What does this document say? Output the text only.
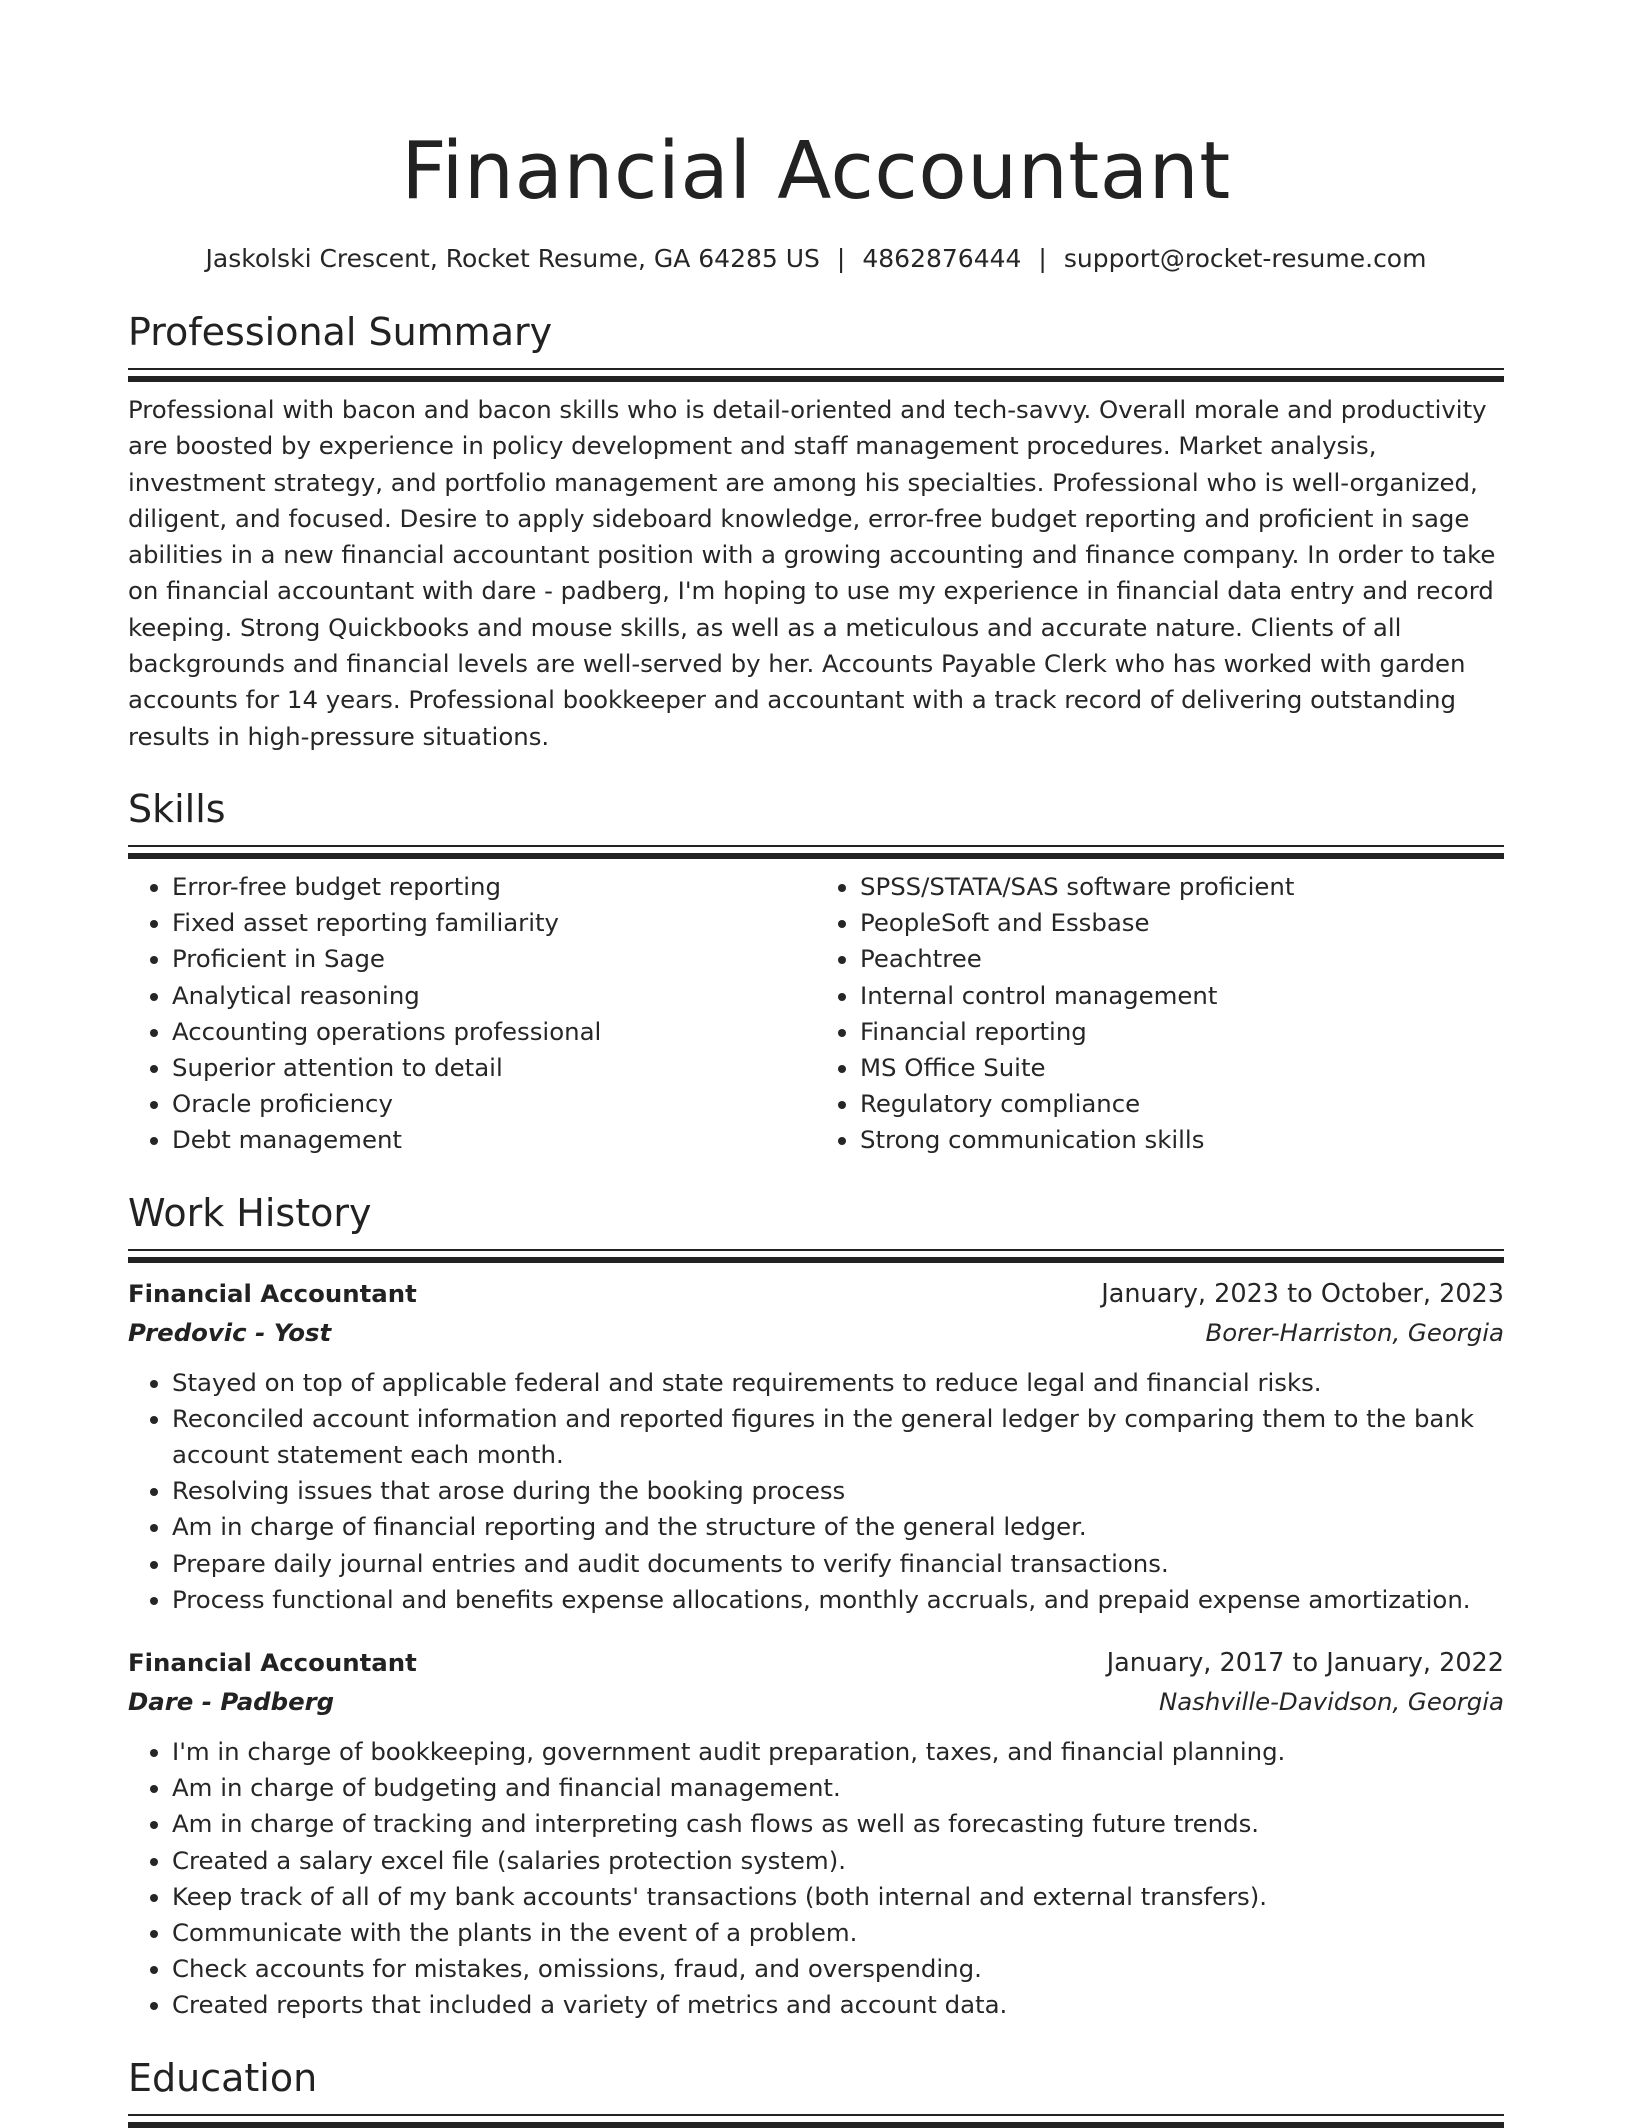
Financial Accountant
Jaskolski Crescent, Rocket Resume, GA 64285 US | 4862876444 | support@rocket-resume.com
Professional Summary

Professional with bacon and bacon skills who is detail-oriented and tech-savvy. Overall morale and productivity are boosted by experience in policy development and staff management procedures. Market analysis, investment strategy, and portfolio management are among his specialties. Professional who is well-organized, diligent, and focused. Desire to apply sideboard knowledge, error-free budget reporting and proficient in sage abilities in a new financial accountant position with a growing accounting and finance company. In order to take on financial accountant with dare - padberg, I'm hoping to use my experience in financial data entry and record keeping. Strong Quickbooks and mouse skills, as well as a meticulous and accurate nature. Clients of all backgrounds and financial levels are well-served by her. Accounts Payable Clerk who has worked with garden accounts for 14 years. Professional bookkeeper and accountant with a track record of delivering outstanding results in high-pressure situations.

Skills
• Error-free budget reporting
• Fixed asset reporting familiarity
• Proficient in Sage
• Analytical reasoning
• Accounting operations professional
• Superior attention to detail
• Oracle proficiency
• Debt management
• SPSS/STATA/SAS software proficient
• PeopleSoft and Essbase
• Peachtree
• Internal control management
• Financial reporting
• MS Office Suite
• Regulatory compliance
• Strong communication skills
Work History
Financial Accountant	January, 2023 to October, 2023
Predovic - Yost	Borer-Harriston, Georgia
• Stayed on top of applicable federal and state requirements to reduce legal and financial risks.
• Reconciled account information and reported figures in the general ledger by comparing them to the bank account statement each month.
• Resolving issues that arose during the booking process
• Am in charge of financial reporting and the structure of the general ledger.
• Prepare daily journal entries and audit documents to verify financial transactions.
• Process functional and benefits expense allocations, monthly accruals, and prepaid expense amortization.
Financial Accountant	January, 2017 to January, 2022
Dare - Padberg	Nashville-Davidson, Georgia
• I'm in charge of bookkeeping, government audit preparation, taxes, and financial planning.
• Am in charge of budgeting and financial management.
• Am in charge of tracking and interpreting cash flows as well as forecasting future trends.
• Created a salary excel file (salaries protection system).
• Keep track of all of my bank accounts' transactions (both internal and external transfers).
• Communicate with the plants in the event of a problem.
• Check accounts for mistakes, omissions, fraud, and overspending.
• Created reports that included a variety of metrics and account data.
Education
